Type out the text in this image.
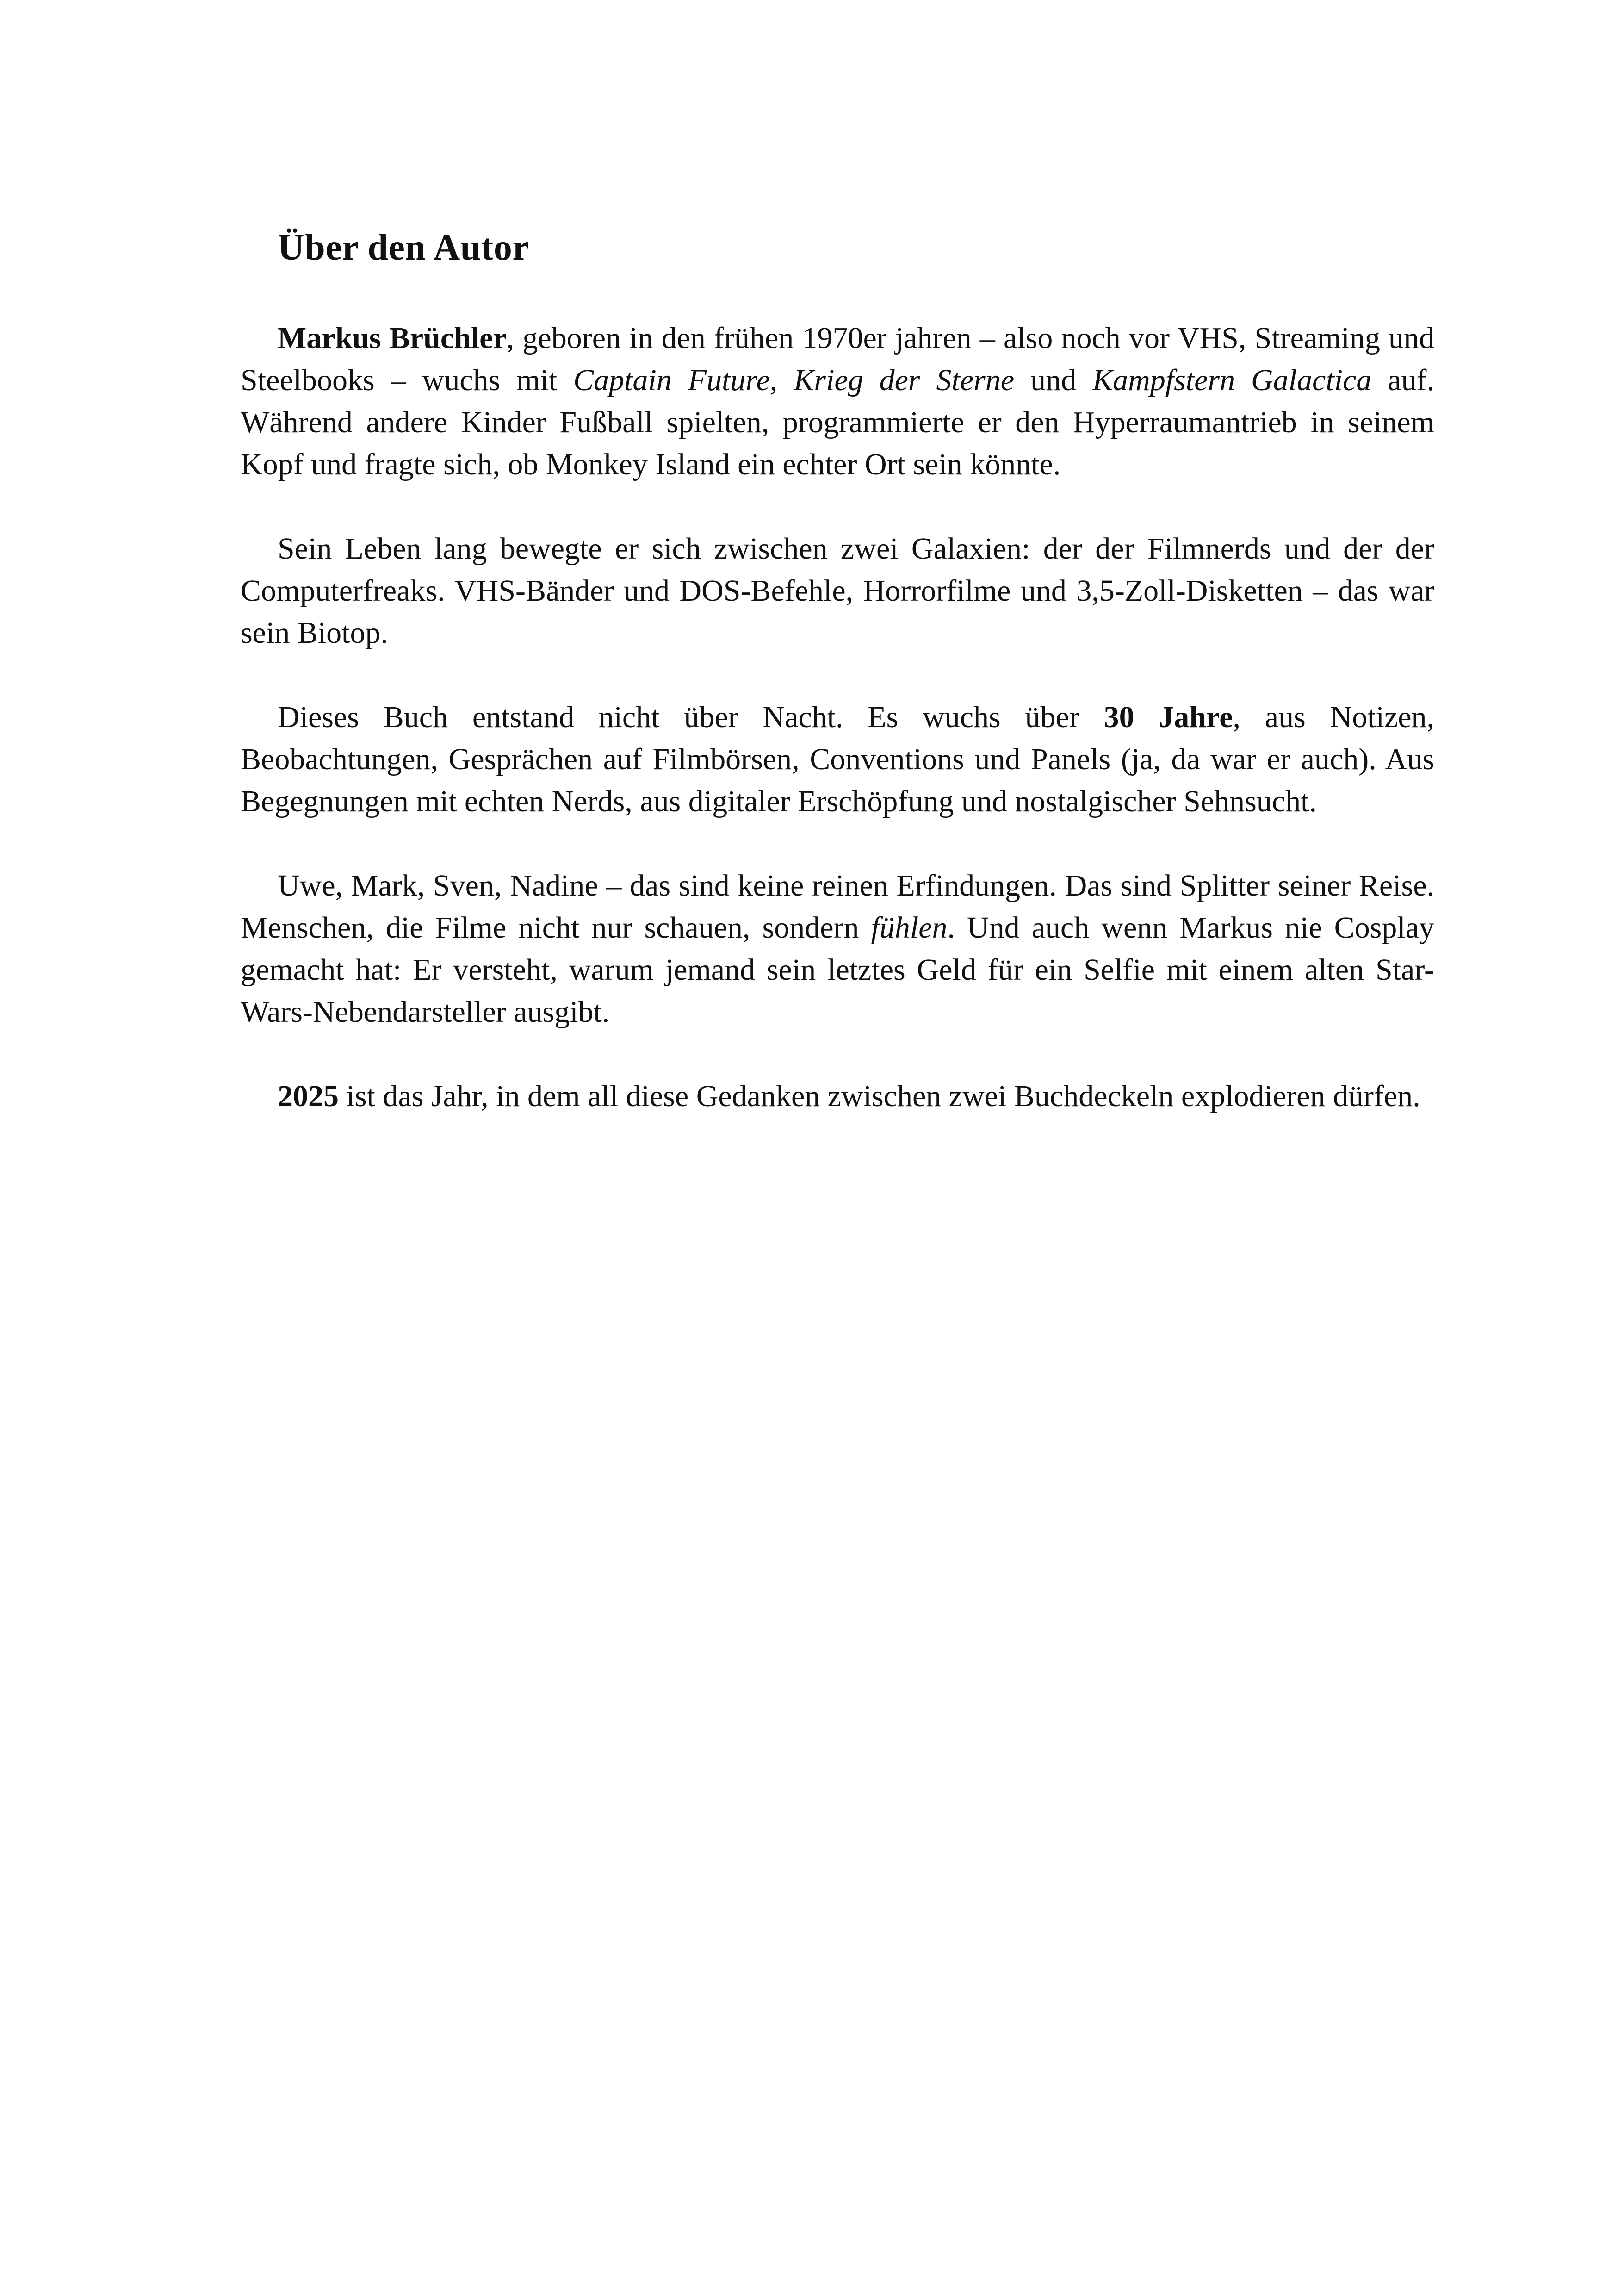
Über den Autor

Markus Brüchler, geboren in den frühen 1970er jahren – also noch vor VHS, Streaming und Steelbooks – wuchs mit Captain Future, Krieg der Sterne und Kampfstern Galactica auf. Während andere Kinder Fußball spielten, programmierte er den Hyperraumantrieb in seinem Kopf und fragte sich, ob Monkey Island ein echter Ort sein könnte.

Sein Leben lang bewegte er sich zwischen zwei Galaxien: der der Filmnerds und der der Computerfreaks. VHS-Bänder und DOS-Befehle, Horrorfilme und 3,5-Zoll-Disketten – das war sein Biotop.

Dieses Buch entstand nicht über Nacht. Es wuchs über 30 Jahre, aus Notizen, Beobachtungen, Gesprächen auf Filmbörsen, Conventions und Panels (ja, da war er auch). Aus Begegnungen mit echten Nerds, aus digitaler Erschöpfung und nostalgischer Sehnsucht.

Uwe, Mark, Sven, Nadine – das sind keine reinen Erfindungen. Das sind Splitter seiner Reise. Menschen, die Filme nicht nur schauen, sondern fühlen. Und auch wenn Markus nie Cosplay gemacht hat: Er versteht, warum jemand sein letztes Geld für ein Selfie mit einem alten Star-Wars-Nebendarsteller ausgibt.

2025 ist das Jahr, in dem all diese Gedanken zwischen zwei Buchdeckeln explodieren dürfen.
